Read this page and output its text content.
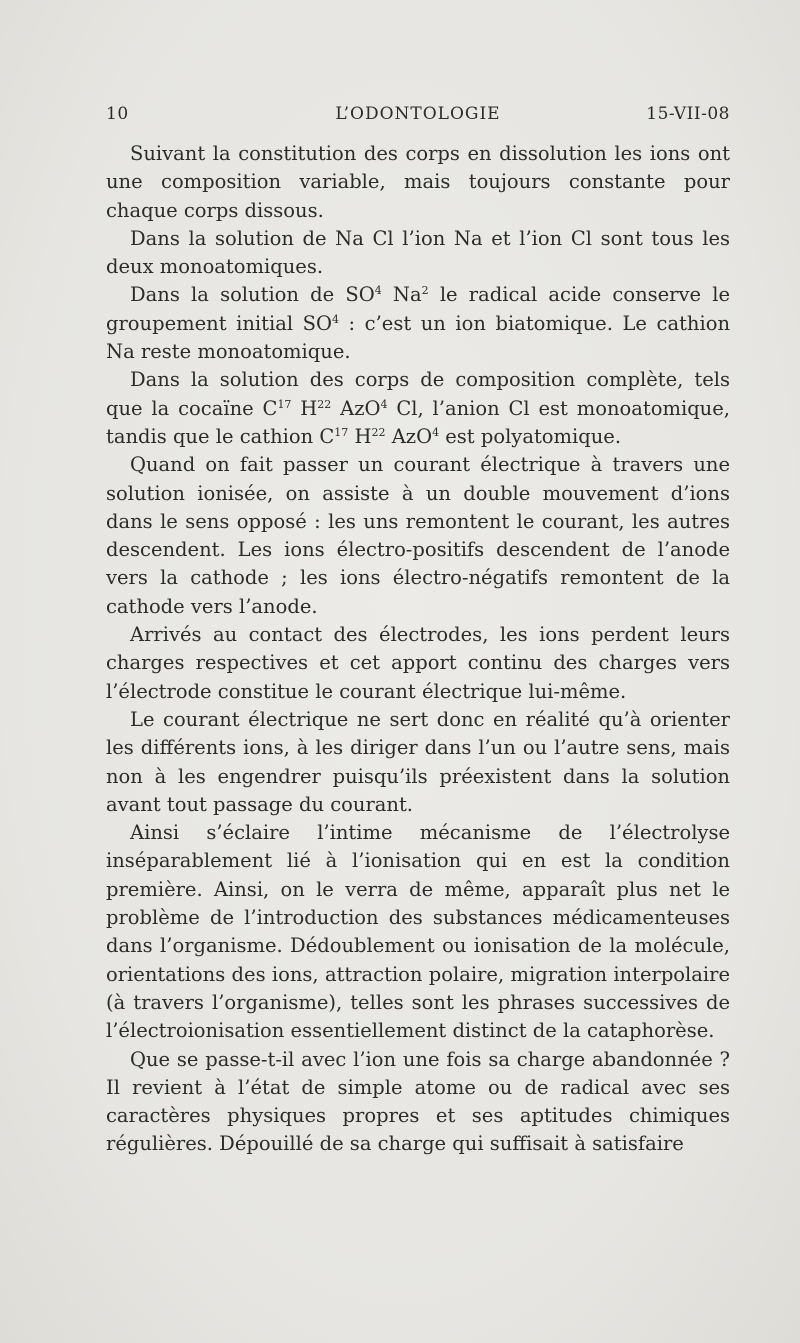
10	L’ODONTOLOGIE	15-VII-08

Suivant la constitution des corps en dissolution les ions ont une composition variable, mais toujours constante pour chaque corps dissous.

Dans la solution de Na Cl l’ion Na et l’ion Cl sont tous les deux monoatomiques.

Dans la solution de $SO^4$ Na$^2$ le radical acide conserve le groupement initial $SO^4$ : c’est un ion biatomique. Le cathion Na reste monoatomique.

Dans la solution des corps de composition complète, tels que la cocaïne $C^{17}$ $H^{22}$ AzO$^4$ Cl, l’anion Cl est monoatomique, tandis que le cathion $C^{17}$ $H^{22}$ AzO$^4$ est polyatomique.

Quand on fait passer un courant électrique à travers une solution ionisée, on assiste à un double mouvement d’ions dans le sens opposé : les uns remontent le courant, les autres descendent. Les ions électro-positifs descendent de l’anode vers la cathode ; les ions électro-négatifs remontent de la cathode vers l’anode.

Arrivés au contact des électrodes, les ions perdent leurs charges respectives et cet apport continu des charges vers l’électrode constitue le courant électrique lui-même.

Le courant électrique ne sert donc en réalité qu’à orienter les différents ions, à les diriger dans l’un ou l’autre sens, mais non à les engendrer puisqu’ils préexistent dans la solution avant tout passage du courant.

Ainsi s’éclaire l’intime mécanisme de l’électrolyse inséparablement lié à l’ionisation qui en est la condition première. Ainsi, on le verra de même, apparaît plus net le problème de l’introduction des substances médicamenteuses dans l’organisme. Dédoublement ou ionisation de la molécule, orientations des ions, attraction polaire, migration interpolaire (à travers l’organisme), telles sont les phrases successives de l’électroionisation essentiellement distinct de la cataphorèse.

Que se passe-t-il avec l’ion une fois sa charge abandonnée ? Il revient à l’état de simple atome ou de radical avec ses caractères physiques propres et ses aptitudes chimiques régulières. Dépouillé de sa charge qui suffisait à satisfaire
